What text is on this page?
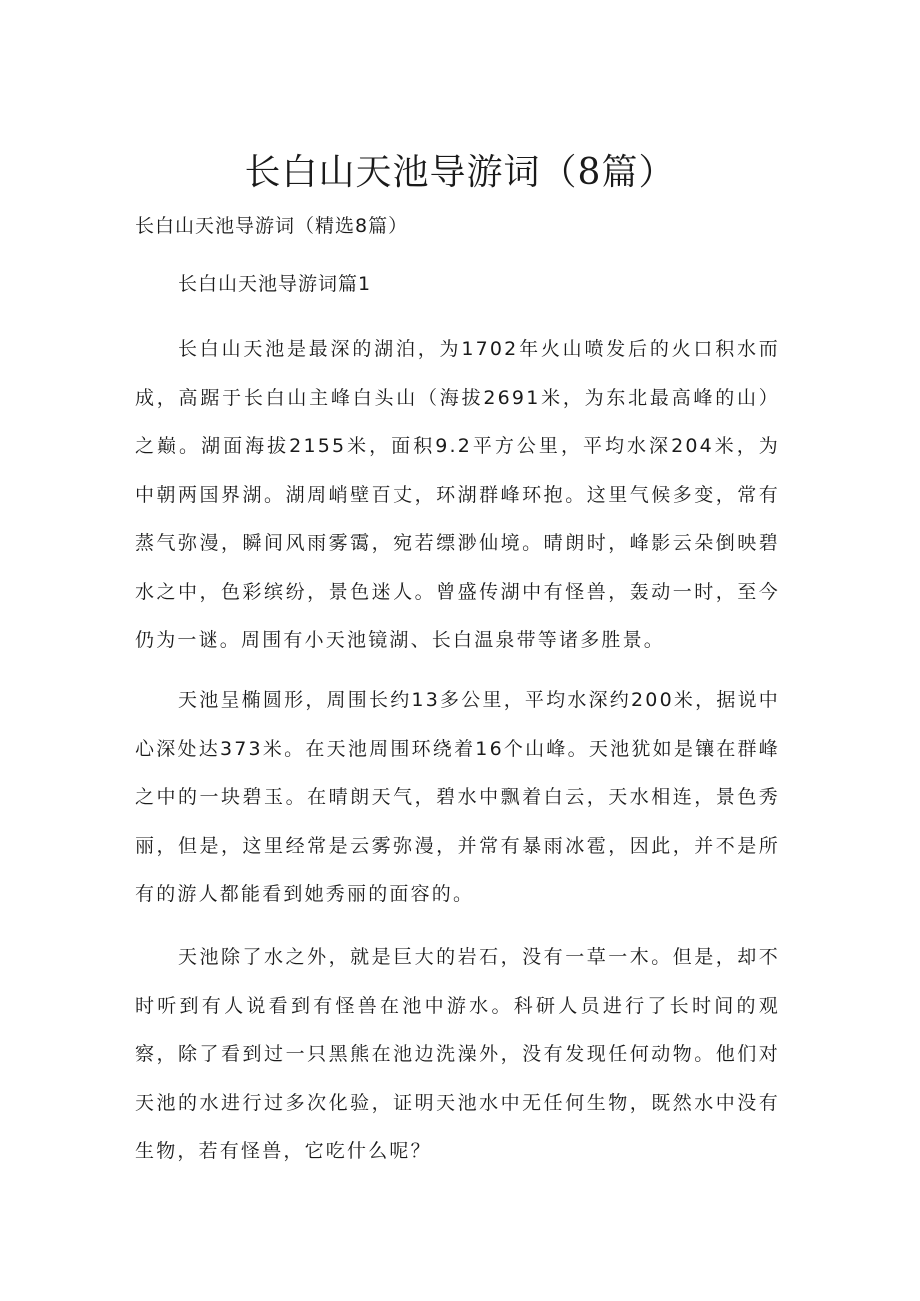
长白山天池导游词（8篇）

长白山天池导游词（精选8篇）

长白山天池导游词篇1

长白山天池是最深的湖泊，为1702年火山喷发后的火口积水而成，高踞于长白山主峰白头山（海拔2691米，为东北最高峰的山）之巅。湖面海拔2155米，面积9.2平方公里，平均水深204米，为中朝两国界湖。湖周峭壁百丈，环湖群峰环抱。这里气候多变，常有蒸气弥漫，瞬间风雨雾霭，宛若缥渺仙境。晴朗时，峰影云朵倒映碧水之中，色彩缤纷，景色迷人。曾盛传湖中有怪兽，轰动一时，至今仍为一谜。周围有小天池镜湖、长白温泉带等诸多胜景。

天池呈椭圆形，周围长约13多公里，平均水深约200米，据说中心深处达373米。在天池周围环绕着16个山峰。天池犹如是镶在群峰之中的一块碧玉。在晴朗天气，碧水中飘着白云，天水相连，景色秀丽，但是，这里经常是云雾弥漫，并常有暴雨冰雹，因此，并不是所有的游人都能看到她秀丽的面容的。

天池除了水之外，就是巨大的岩石，没有一草一木。但是，却不时听到有人说看到有怪兽在池中游水。科研人员进行了长时间的观察，除了看到过一只黑熊在池边洗澡外，没有发现任何动物。他们对天池的水进行过多次化验，证明天池水中无任何生物，既然水中没有生物，若有怪兽，它吃什么呢？
